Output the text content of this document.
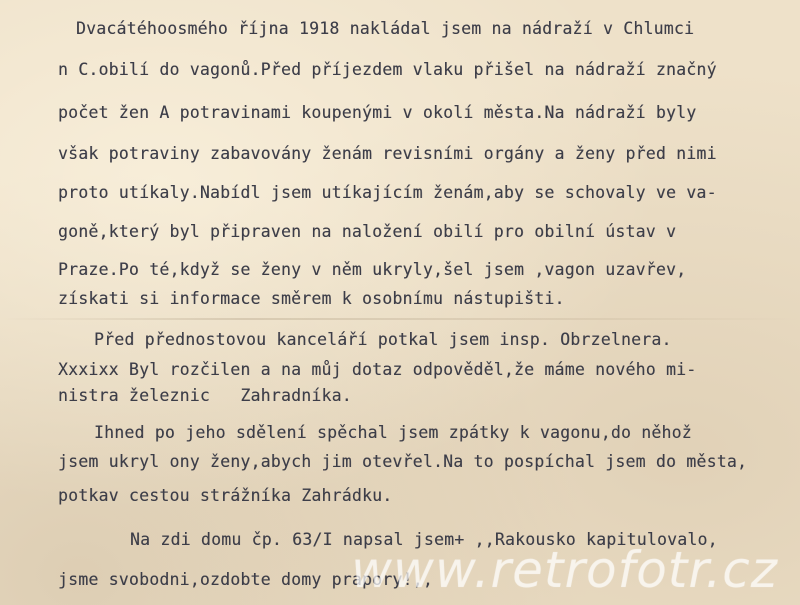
Dvacátéhoosmého října 1918 nakládal jsem na nádraží v Chlumci
n C.obilí do vagonů.Před příjezdem vlaku přišel na nádraží značný
počet žen A potravinami koupenými v okolí města.Na nádraží byly
však potraviny zabavovány ženám revisními orgány a ženy před nimi
proto utíkaly.Nabídl jsem utíkajícím ženám,aby se schovaly ve va-
goně,který byl připraven na naložení obilí pro obilní ústav v
Praze.Po té,když se ženy v něm ukryly,šel jsem ,vagon uzavřev,
získati si informace směrem k osobnímu nástupišti.
Před přednostovou kanceláří potkal jsem insp. Obrzelnera.
Xxxixx Byl rozčilen a na můj dotaz odpověděl,že máme nového mi-
nistra železnic   Zahradníka.
Ihned po jeho sdělení spěchal jsem zpátky k vagonu,do něhož
jsem ukryl ony ženy,abych jim otevřel.Na to pospíchal jsem do města,
potkav cestou strážníka Zahrádku.
Na zdi domu čp. 63/I napsal jsem+ ,,Rakousko kapitulovalo,
jsme svobodni,ozdobte domy prapory!,,
www.retrofotr.cz
